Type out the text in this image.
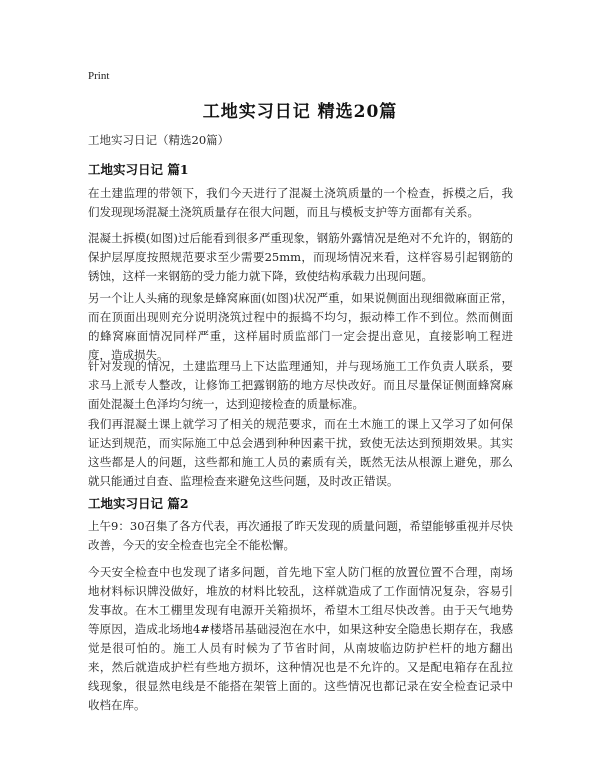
Print
工地实习日记 精选20篇
工地实习日记（精选20篇）
工地实习日记 篇1
在土建监理的带领下，我们今天进行了混凝土浇筑质量的一个检查，拆模之后，我们发现现场混凝土浇筑质量存在很大问题，而且与模板支护等方面都有关系。
混凝土拆模(如图)过后能看到很多严重现象，钢筋外露情况是绝对不允许的，钢筋的保护层厚度按照规范要求至少需要25mm，而现场情况来看，这样容易引起钢筋的锈蚀，这样一来钢筋的受力能力就下降，致使结构承载力出现问题。
另一个让人头痛的现象是蜂窝麻面(如图)状况严重，如果说侧面出现细微麻面正常，而在顶面出现则充分说明浇筑过程中的振捣不均匀，振动棒工作不到位。然而侧面的蜂窝麻面情况同样严重，这样届时质监部门一定会提出意见，直接影响工程进度，造成损失。
针对发现的情况，土建监理马上下达监理通知，并与现场施工工作负责人联系，要求马上派专人整改，让修饰工把露钢筋的地方尽快改好。而且尽量保证侧面蜂窝麻面处混凝土色泽均匀统一，达到迎接检查的质量标准。
我们再混凝土课上就学习了相关的规范要求，而在土木施工的课上又学习了如何保证达到规范，而实际施工中总会遇到种种因素干扰，致使无法达到预期效果。其实这些都是人的问题，这些都和施工人员的素质有关，既然无法从根源上避免，那么就只能通过自查、监理检查来避免这些问题，及时改正错误。
工地实习日记 篇2
上午9：30召集了各方代表，再次通报了昨天发现的质量问题，希望能够重视并尽快改善，今天的安全检查也完全不能松懈。
今天安全检查中也发现了诸多问题，首先地下室人防门框的放置位置不合理，南场地材料标识牌没做好，堆放的材料比较乱，这样就造成了工作面情况复杂，容易引发事故。在木工棚里发现有电源开关箱损坏，希望木工组尽快改善。由于天气地势等原因，造成北场地4#楼塔吊基础浸泡在水中，如果这种安全隐患长期存在，我感觉是很可怕的。施工人员有时候为了节省时间，从南坡临边防护栏杆的地方翻出来，然后就造成护栏有些地方损坏，这种情况也是不允许的。又是配电箱存在乱拉线现象，很显然电线是不能搭在架管上面的。这些情况也都记录在安全检查记录中收档在库。
